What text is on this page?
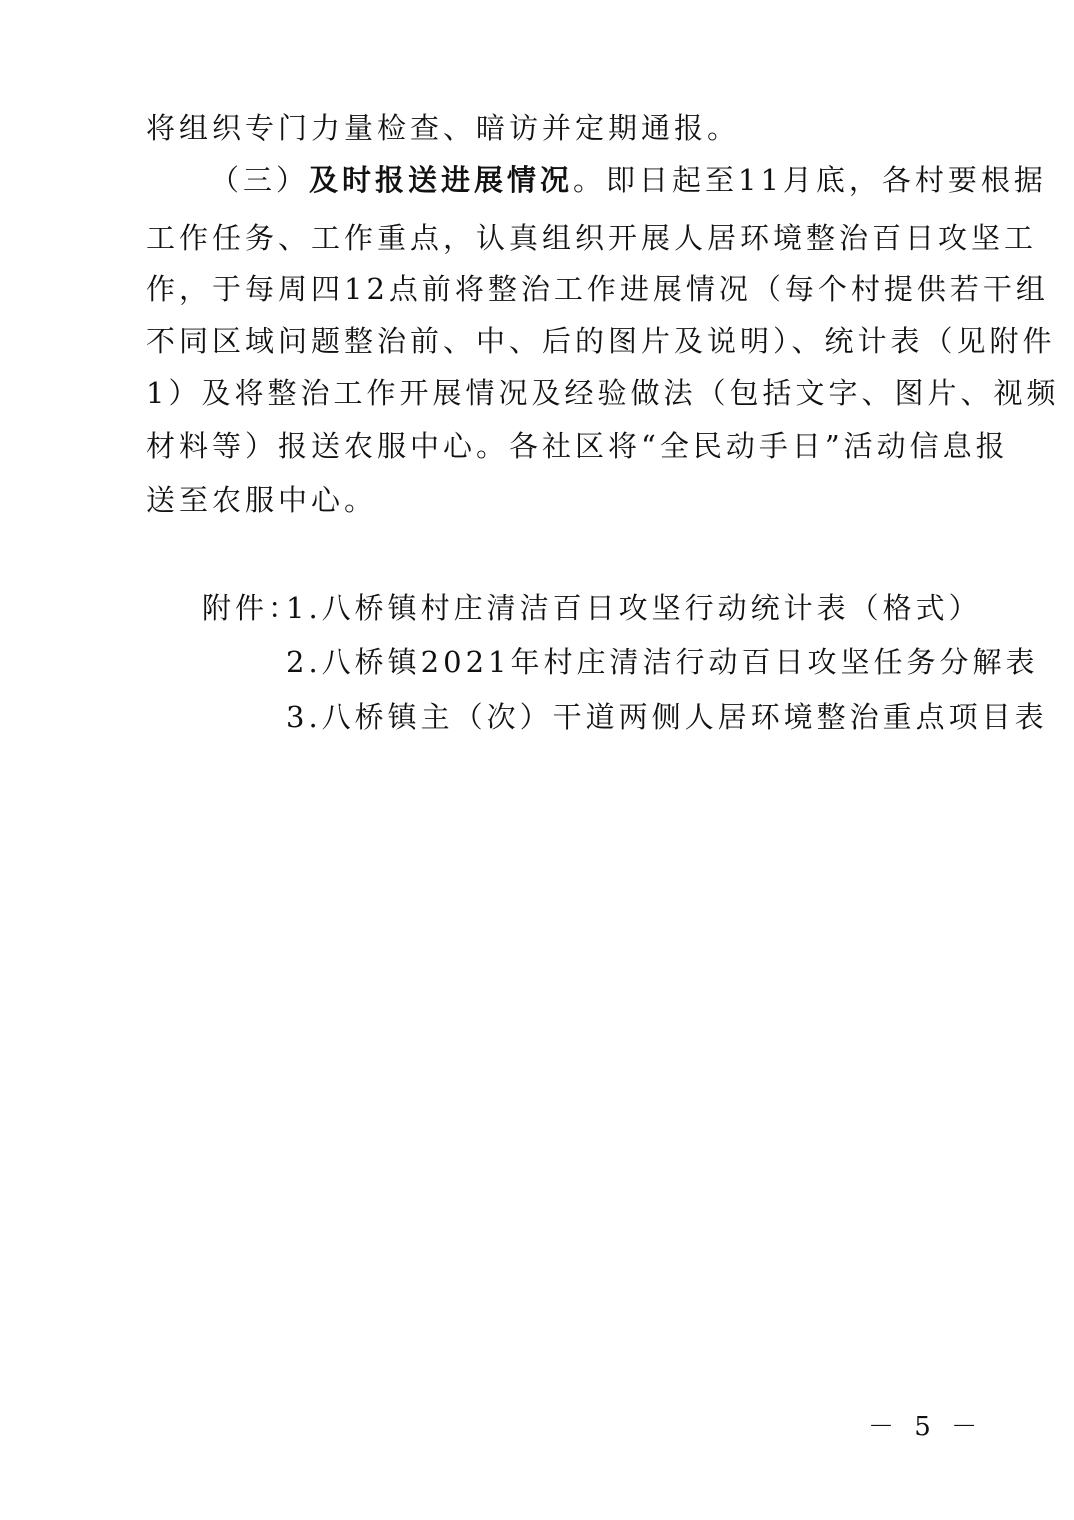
将组织专门力量检查、暗访并定期通报。
（三）及时报送进展情况。即日起至11月底，各村要根据
工作任务、工作重点，认真组织开展人居环境整治百日攻坚工
作，于每周四12点前将整治工作进展情况（每个村提供若干组
不同区域问题整治前、中、后的图片及说明）、统计表（见附件
1）及将整治工作开展情况及经验做法（包括文字、图片、视频
材料等）报送农服中心。各社区将“全民动手日”活动信息报
送至农服中心。
附件：
1.八桥镇村庄清洁百日攻坚行动统计表（格式）
2.八桥镇2021年村庄清洁行动百日攻坚任务分解表
3.八桥镇主（次）干道两侧人居环境整治重点项目表
－ 5 －
